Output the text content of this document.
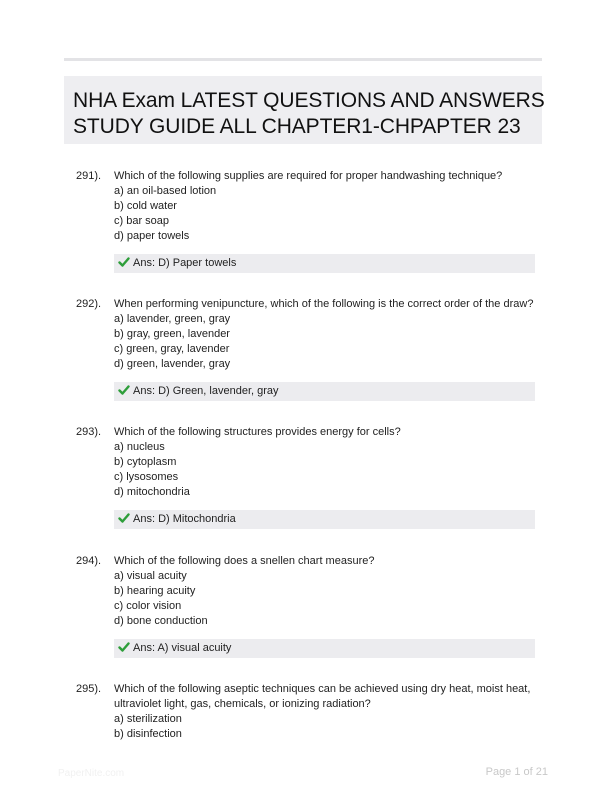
NHA Exam LATEST QUESTIONS AND ANSWERS
STUDY GUIDE ALL CHAPTER1-CHPAPTER 23
291). Which of the following supplies are required for proper handwashing technique?
a) an oil-based lotion
b) cold water
c) bar soap
d) paper towels
Ans: D) Paper towels
292). When performing venipuncture, which of the following is the correct order of the draw?
a) lavender, green, gray
b) gray, green, lavender
c) green, gray, lavender
d) green, lavender, gray
Ans: D) Green, lavender, gray
293). Which of the following structures provides energy for cells?
a) nucleus
b) cytoplasm
c) lysosomes
d) mitochondria
Ans: D) Mitochondria
294). Which of the following does a snellen chart measure?
a) visual acuity
b) hearing acuity
c) color vision
d) bone conduction
Ans: A) visual acuity
295). Which of the following aseptic techniques can be achieved using dry heat, moist heat,
ultraviolet light, gas, chemicals, or ionizing radiation?
a) sterilization
b) disinfection
PaperNite.com	Page 1 of 21
